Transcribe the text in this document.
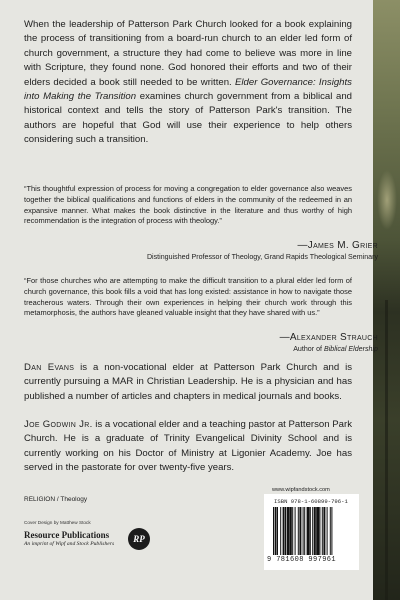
When the leadership of Patterson Park Church looked for a book explaining the process of transitioning from a board-run church to an elder led form of church government, a structure they had come to believe was more in line with Scripture, they found none. God honored their efforts and two of their elders decided a book still needed to be written. Elder Governance: Insights into Making the Transition examines church government from a biblical and historical context and tells the story of Patterson Park's transition. The authors are hopeful that God will use their experience to help others considering such a transition.
“This thoughtful expression of process for moving a congregation to elder governance also weaves together the biblical qualifications and functions of elders in the community of the redeemed in an expansive manner. What makes the book distinctive in the literature and thus worthy of high recommendation is the integration of process with theology.”
—James M. Grier
Distinguished Professor of Theology, Grand Rapids Theological Seminary
“For those churches who are attempting to make the difficult transition to a plural elder led form of church governance, this book fills a void that has long existed: assistance in how to navigate those treacherous waters. Through their own experiences in helping their church work through this metamorphosis, the authors have gleaned valuable insight that they have shared with us.”
—Alexander Strauch
Author of Biblical Eldership
Dan Evans is a non-vocational elder at Patterson Park Church and is currently pursuing a MAR in Christian Leadership. He is a physician and has published a number of articles and chapters in medical journals and books.
Joe Godwin Jr. is a vocational elder and a teaching pastor at Patterson Park Church. He is a graduate of Trinity Evangelical Divinity School and is currently working on his Doctor of Ministry at Ligonier Academy. Joe has served in the pastorate for over twenty-five years.
RELIGION / Theology
Cover Design by Matthew Stock
Resource Publications
An imprint of Wipf and Stock Publishers	RP
www.wipfandstock.com
ISBN 978-1-60899-796-1
9 781608 997961
